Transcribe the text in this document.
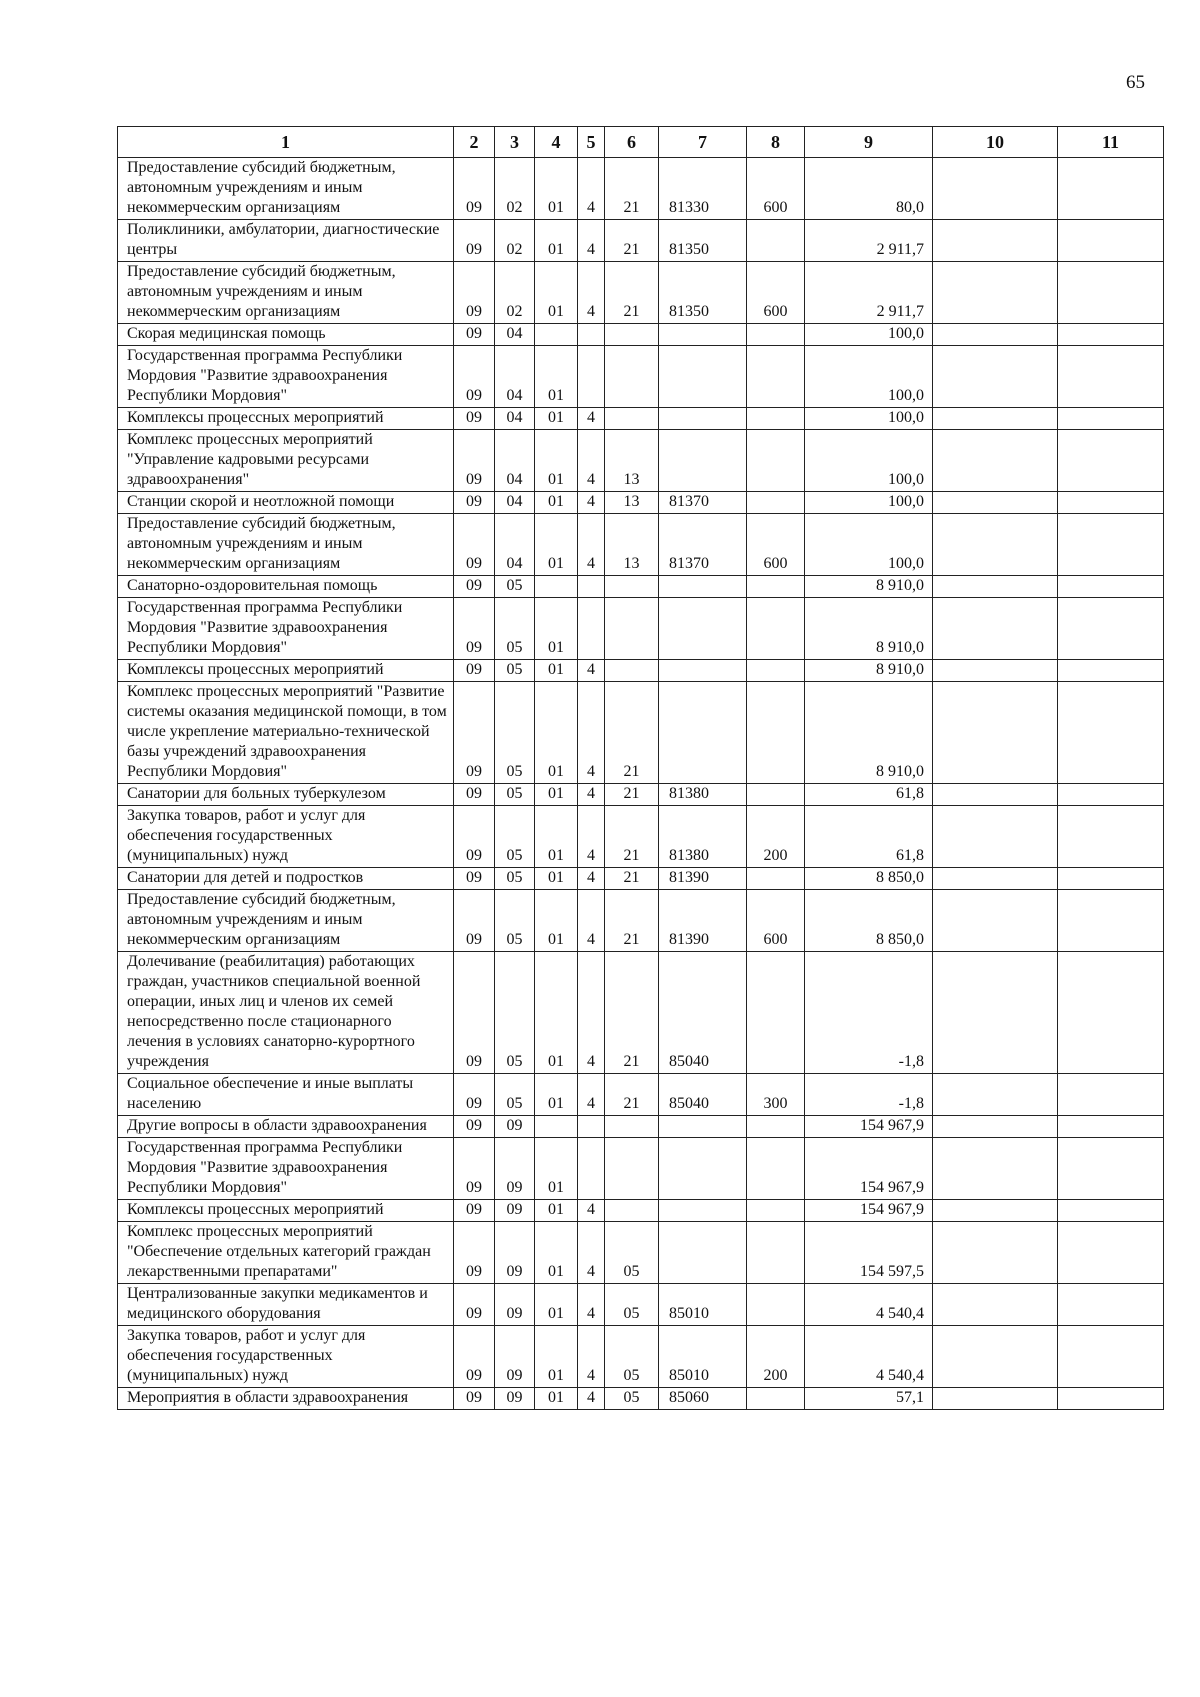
65
1	2	3	4	5	6	7	8	9	10	11
Предоставление субсидий бюджетным, автономным учреждениям и иным некоммерческим организациям	09	02	01	4	21	81330	600	80,0		
Поликлиники, амбулатории, диагностические центры	09	02	01	4	21	81350		2 911,7		
Предоставление субсидий бюджетным, автономным учреждениям и иным некоммерческим организациям	09	02	01	4	21	81350	600	2 911,7		
Скорая медицинская помощь	09	04						100,0		
Государственная программа Республики Мордовия "Развитие здравоохранения Республики Мордовия"	09	04	01					100,0		
Комплексы процессных мероприятий	09	04	01	4				100,0		
Комплекс процессных мероприятий "Управление кадровыми ресурсами здравоохранения"	09	04	01	4	13			100,0		
Станции скорой и неотложной помощи	09	04	01	4	13	81370		100,0		
Предоставление субсидий бюджетным, автономным учреждениям и иным некоммерческим организациям	09	04	01	4	13	81370	600	100,0		
Санаторно-оздоровительная помощь	09	05						8 910,0		
Государственная программа Республики Мордовия "Развитие здравоохранения Республики Мордовия"	09	05	01					8 910,0		
Комплексы процессных мероприятий	09	05	01	4				8 910,0		
Комплекс процессных мероприятий "Развитие системы оказания медицинской помощи, в том числе укрепление материально-технической базы учреждений здравоохранения Республики Мордовия"	09	05	01	4	21			8 910,0		
Санатории для больных туберкулезом	09	05	01	4	21	81380		61,8		
Закупка товаров, работ и услуг для обеспечения государственных (муниципальных) нужд	09	05	01	4	21	81380	200	61,8		
Санатории для детей и подростков	09	05	01	4	21	81390		8 850,0		
Предоставление субсидий бюджетным, автономным учреждениям и иным некоммерческим организациям	09	05	01	4	21	81390	600	8 850,0		
Долечивание (реабилитация) работающих граждан, участников специальной военной операции, иных лиц и членов их семей непосредственно после стационарного лечения в условиях санаторно-курортного учреждения	09	05	01	4	21	85040		-1,8		
Социальное обеспечение и иные выплаты населению	09	05	01	4	21	85040	300	-1,8		
Другие вопросы в области здравоохранения	09	09						154 967,9		
Государственная программа Республики Мордовия "Развитие здравоохранения Республики Мордовия"	09	09	01					154 967,9		
Комплексы процессных мероприятий	09	09	01	4				154 967,9		
Комплекс процессных мероприятий "Обеспечение отдельных категорий граждан лекарственными препаратами"	09	09	01	4	05			154 597,5		
Централизованные закупки медикаментов и медицинского оборудования	09	09	01	4	05	85010		4 540,4		
Закупка товаров, работ и услуг для обеспечения государственных (муниципальных) нужд	09	09	01	4	05	85010	200	4 540,4		
Мероприятия в области здравоохранения	09	09	01	4	05	85060		57,1		
